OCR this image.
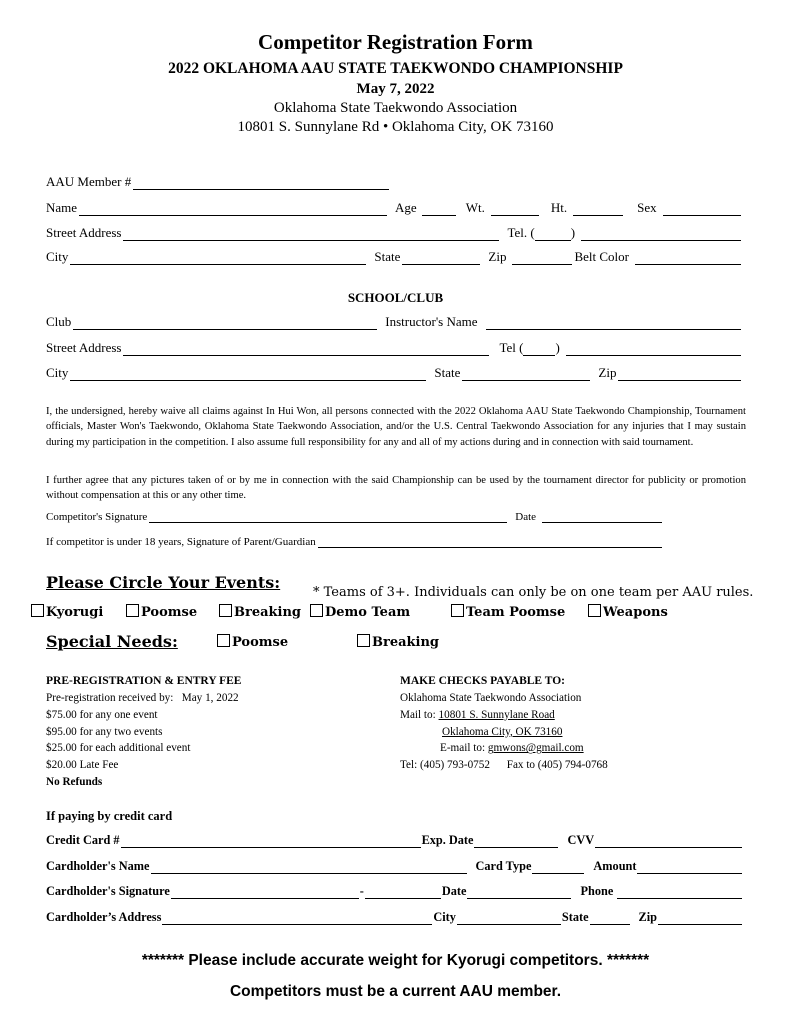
Competitor Registration Form
2022 OKLAHOMA AAU STATE TAEKWONDO CHAMPIONSHIP
May 7, 2022
Oklahoma State Taekwondo Association
10801 S. Sunnylane Rd • Oklahoma City, OK 73160
AAU Member #
Name	Age	Wt.	Ht.	Sex
Street Address	Tel. (	)
City	State	Zip	Belt Color
SCHOOL/CLUB
Club	Instructor's Name
Street Address	Tel ( )
City	State	Zip
I, the undersigned, hereby waive all claims against In Hui Won, all persons connected with the 2022 Oklahoma AAU State Taekwondo Championship, Tournament officials, Master Won's Taekwondo, Oklahoma State Taekwondo Association, and/or the U.S. Central Taekwondo Association for any injuries that I may sustain during my participation in the competition. I also assume full responsibility for any and all of my actions during and in connection with said tournament.
I further agree that any pictures taken of or by me in connection with the said Championship can be used by the tournament director for publicity or promotion without compensation at this or any other time.
Competitor's Signature	Date
If competitor is under 18 years, Signature of Parent/Guardian
Please Circle Your Events:
* Teams of 3+. Individuals can only be on one team per AAU rules.
Kyorugi	Poomse	Breaking	Demo Team	Team Poomse	Weapons
Special Needs:	Poomse	Breaking
PRE-REGISTRATION & ENTRY FEE
Pre-registration received by: May 1, 2022
$75.00 for any one event
$95.00 for any two events
$25.00 for each additional event
$20.00 Late Fee
No Refunds
MAKE CHECKS PAYABLE TO:
Oklahoma State Taekwondo Association
Mail to: 10801 S. Sunnylane Road
Oklahoma City, OK 73160
E-mail to: gmwons@gmail.com
Tel: (405) 793-0752 Fax to (405) 794-0768
If paying by credit card
Credit Card #	Exp. Date	CVV
Cardholder's Name	Card Type	Amount
Cardholder's Signature	-	Date	Phone
Cardholder’s Address	City	State	Zip
******* Please include accurate weight for Kyorugi competitors. *******
Competitors must be a current AAU member.
